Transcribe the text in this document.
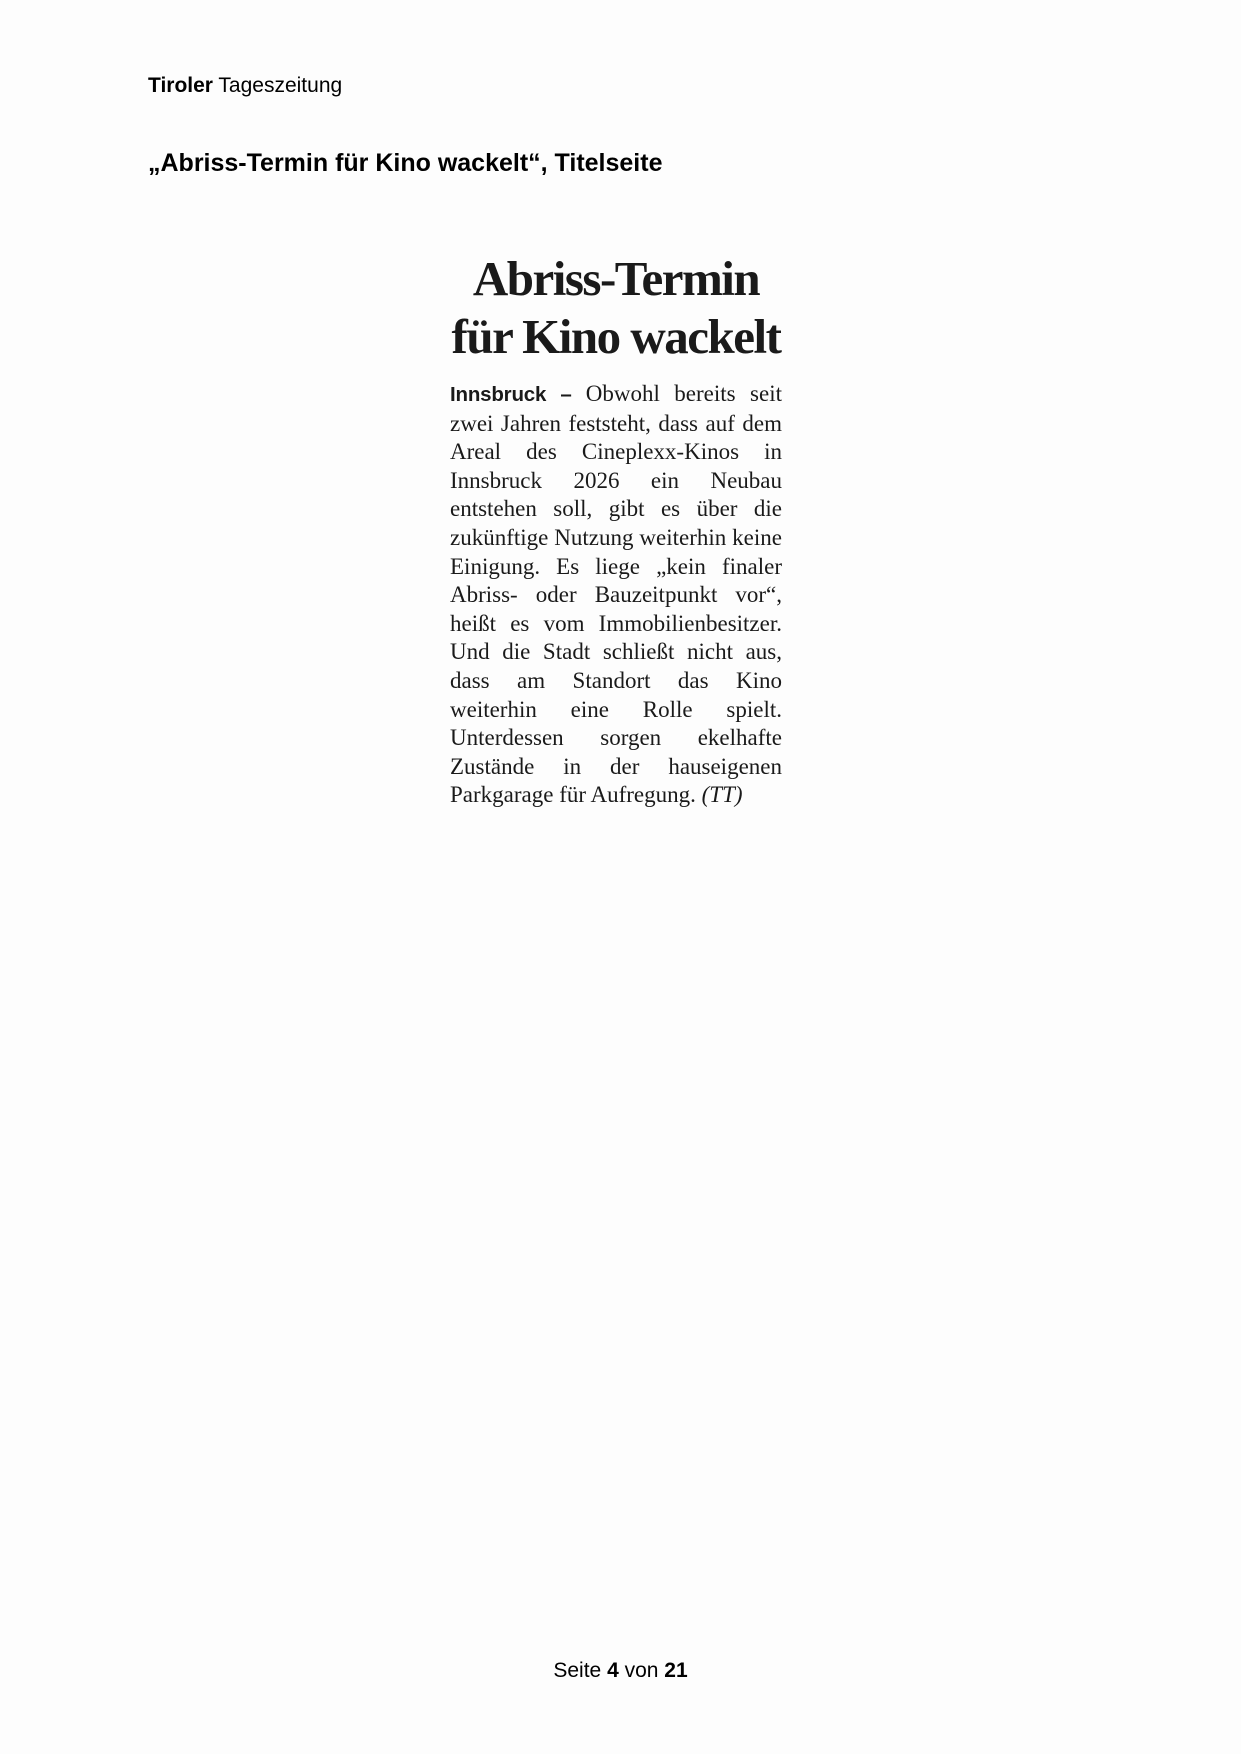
Tiroler Tageszeitung
„Abriss-Termin für Kino wackelt“, Titelseite
Abriss-Termin
für Kino wackelt
Innsbruck – Obwohl bereits seit zwei Jahren feststeht, dass auf dem Areal des Cineplexx-Kinos in Innsbruck 2026 ein Neubau entstehen soll, gibt es über die zukünftige Nutzung weiterhin keine Einigung. Es liege „kein finaler Abriss- oder Bauzeitpunkt vor“, heißt es vom Immobilienbesitzer. Und die Stadt schließt nicht aus, dass am Standort das Kino weiterhin eine Rolle spielt. Unterdessen sorgen ekelhafte Zustände in der hauseigenen Parkgarage für Aufregung. (TT)
Seite 4 von 21
